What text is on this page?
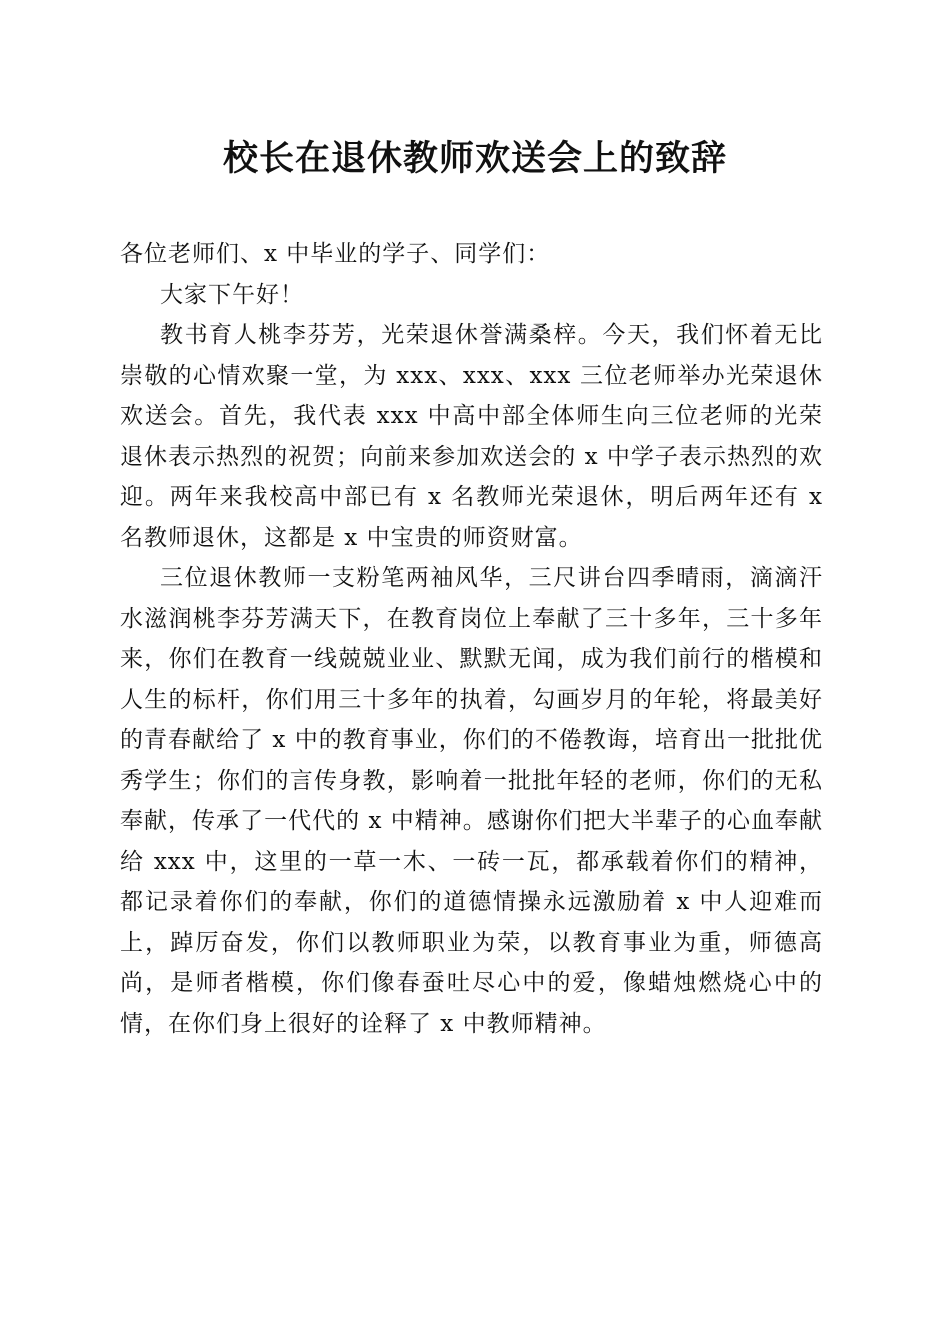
校长在退休教师欢送会上的致辞

各位老师们、x 中毕业的学子、同学们：

大家下午好！

教书育人桃李芬芳，光荣退休誉满桑梓。今天，我们怀着无比崇敬的心情欢聚一堂，为 xxx、xxx、xxx 三位老师举办光荣退休欢送会。首先，我代表 xxx 中高中部全体师生向三位老师的光荣退休表示热烈的祝贺；向前来参加欢送会的 x 中学子表示热烈的欢迎。两年来我校高中部已有 x 名教师光荣退休，明后两年还有 x 名教师退休，这都是 x 中宝贵的师资财富。

三位退休教师一支粉笔两袖风华，三尺讲台四季晴雨，滴滴汗水滋润桃李芬芳满天下，在教育岗位上奉献了三十多年，三十多年来，你们在教育一线兢兢业业、默默无闻，成为我们前行的楷模和人生的标杆，你们用三十多年的执着，勾画岁月的年轮，将最美好的青春献给了 x 中的教育事业，你们的不倦教诲，培育出一批批优秀学生；你们的言传身教，影响着一批批年轻的老师，你们的无私奉献，传承了一代代的 x 中精神。感谢你们把大半辈子的心血奉献给 xxx 中，这里的一草一木、一砖一瓦，都承载着你们的精神，都记录着你们的奉献，你们的道德情操永远激励着 x 中人迎难而上，踔厉奋发，你们以教师职业为荣，以教育事业为重，师德高尚，是师者楷模，你们像春蚕吐尽心中的爱，像蜡烛燃烧心中的情，在你们身上很好的诠释了 x 中教师精神。
